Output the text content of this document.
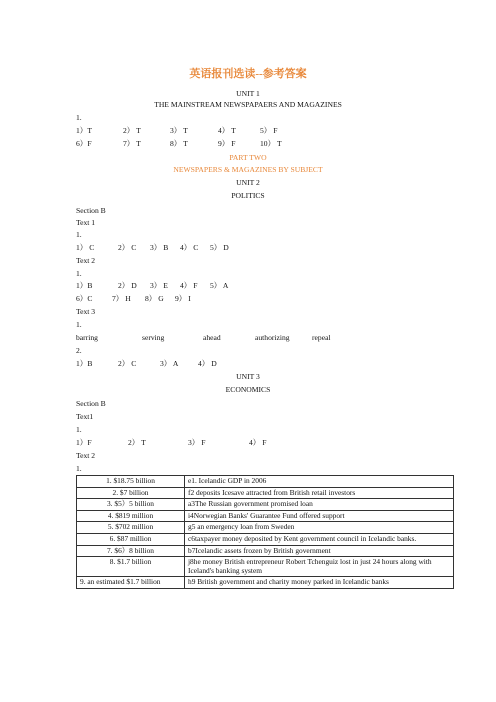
英语报刊选读--参考答案
UNIT 1
THE MAINSTREAM NEWSPAPAERS AND MAGAZINES
1.
1）T	2） T	3） T	4） T	5） F
6）F	7） T	8） T	9） F	10） T
PART TWO
NEWSPAPERS & MAGAZINES BY SUBJECT
UNIT 2
POLITICS
Section B
Text 1
1.
1） C	2） C 3） B 4） C 5） D
Text 2
1.
1）B	2） D 3） E 4） F 5） A
6）C	7） H 8） G 9） I
Text 3
1.
barring	serving	ahead	authorizing	repeal
2.
1）B	2） C	3） A	4） D
UNIT 3
ECONOMICS
Section B
Text1
1.
1）F	2） T	3） F	4） F
Text 2
1.
1. $18.75 billion	e1. Icelandic GDP in 2006
2. $7 billion	f2 deposits Icesave attracted from British retail investors
3. $5）5 billion	a3The Russian government promised loan
4. $819 million	i4Norwegian Banks' Guarantee Fund offered support
5. $702 million	g5 an emergency loan from Sweden
6. $87 million	c6taxpayer money deposited by Kent government council in Icelandic banks.
7. $6）8 billion	b7Icelandic assets frozen by British government
8. $1.7 billion	j8he money British entrepreneur Robert Tchenguiz lost in just 24 hours along with Iceland's banking system
9. an estimated $1.7 billion	h9 British government and charity money parked in Icelandic banks
